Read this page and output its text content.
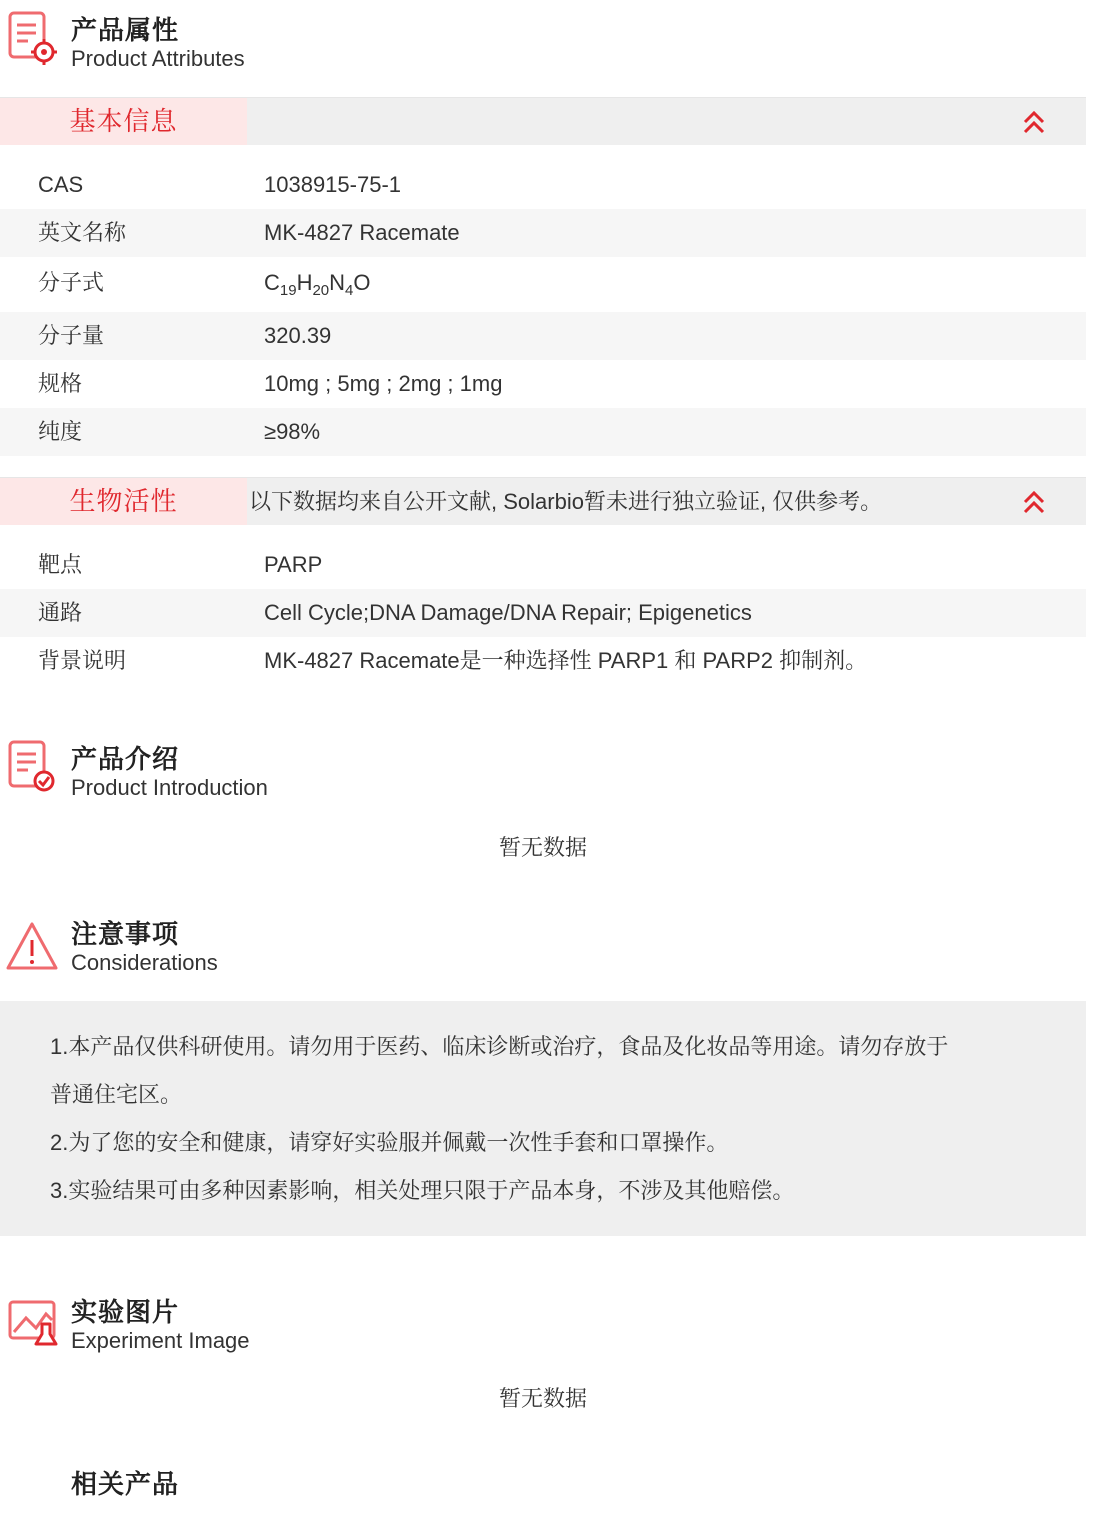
产品属性
Product Attributes
基本信息
CAS	1038915-75-1
英文名称	MK-4827 Racemate
分子式	$C_{19}H_{20}N_4O$
分子量	320.39
规格	10mg ; 5mg ; 2mg ; 1mg
纯度	≥98%
生物活性	以下数据均来自公开文献, Solarbio暂未进行独立验证, 仅供参考。
靶点	PARP
通路	Cell Cycle;DNA Damage/DNA Repair; Epigenetics
背景说明	MK-4827 Racemate是一种选择性 PARP1 和 PARP2 抑制剂。
产品介绍
Product Introduction
暂无数据
注意事项
Considerations

1.本产品仅供科研使用。请勿用于医药、临床诊断或治疗，食品及化妆品等用途。请勿存放于

普通住宅区。

2.为了您的安全和健康，请穿好实验服并佩戴一次性手套和口罩操作。

3.实验结果可由多种因素影响，相关处理只限于产品本身，不涉及其他赔偿。

实验图片
Experiment Image
暂无数据
相关产品
